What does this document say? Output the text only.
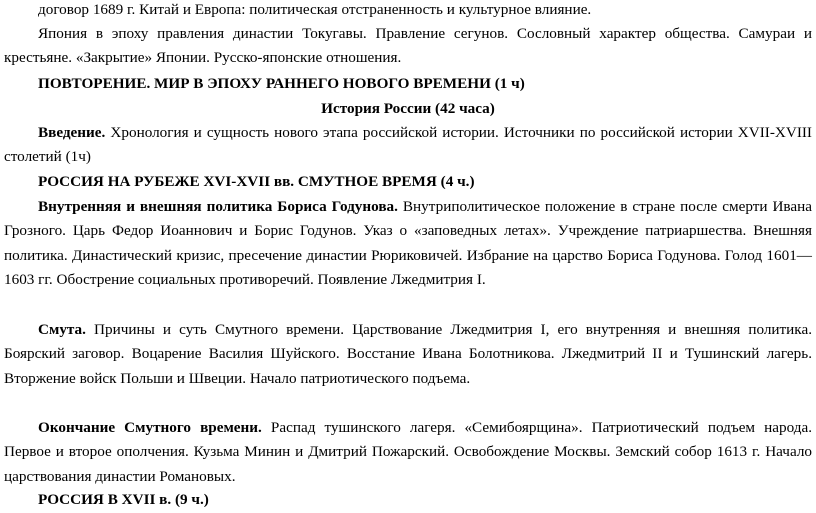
договор 1689 г. Китай и Европа: политическая отстраненность и культурное влияние.
Япония в эпоху правления династии Токугавы. Правление сегунов. Сословный характер общества. Самураи и крестьяне. «Закрытие» Японии. Русско-японские отношения.
ПОВТОРЕНИЕ. МИР В ЭПОХУ РАННЕГО НОВОГО ВРЕМЕНИ (1 ч)
История России (42 часа)
Введение. Хронология и сущность нового этапа российской истории. Источники по российской истории XVII-XVIII столетий (1ч)
РОССИЯ НА РУБЕЖЕ XVI-XVII вв. СМУТНОЕ ВРЕМЯ (4 ч.)
Внутренняя и внешняя политика Бориса Годунова. Внутриполитическое положение в стране после смерти Ивана Грозного. Царь Федор Иоаннович и Борис Годунов. Указ о «заповедных летах». Учреждение патриаршества. Внешняя политика. Династический кризис, пресечение династии Рюриковичей. Избрание на царство Бориса Годунова. Голод 1601—1603 гг. Обострение социальных противоречий. Появление Лжедмитрия I.
Смута. Причины и суть Смутного времени. Царствование Лжедмитрия I, его внутренняя и внешняя политика. Боярский заговор. Воцарение Василия Шуйского. Восстание Ивана Болотникова. Лжедмитрий II и Тушинский лагерь. Вторжение войск Польши и Швеции. Начало патриотического подъема.
Окончание Смутного времени. Распад тушинского лагеря. «Семибоярщина». Патриотический подъем народа. Первое и второе ополчения. Кузьма Минин и Дмитрий Пожарский. Освобождение Москвы. Земский собор 1613 г. Начало царствования династии Романовых.
РОССИЯ В XVII в. (9 ч.)
